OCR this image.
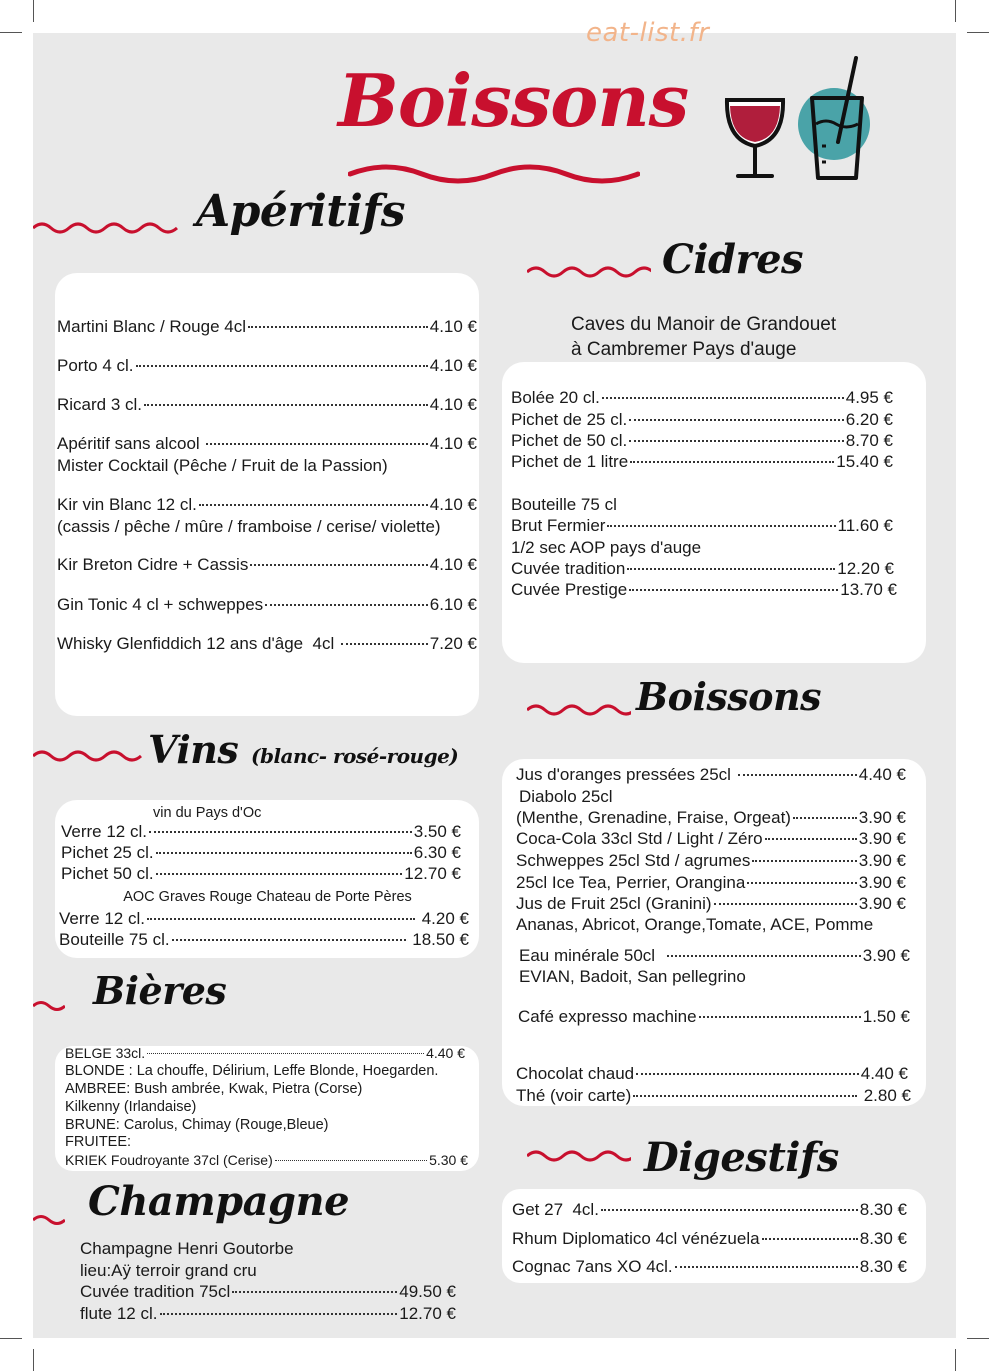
eat-list.fr
Boissons
Apéritifs
Martini Blanc / Rouge 4cl	4.10 €
Porto 4 cl.	4.10 €
Ricard 3 cl.	4.10 €
Apéritif sans alcool	4.10 €
Mister Cocktail (Pêche / Fruit de la Passion)
Kir vin Blanc 12 cl.	4.10 €
(cassis / pêche / mûre / framboise / cerise/ violette)
Kir Breton Cidre + Cassis	4.10 €
Gin Tonic 4 cl + schweppes	6.10 €
Whisky Glenfiddich 12 ans d'âge  4cl	7.20 €
Vins (blanc- rosé-rouge)
vin du Pays d'Oc
Verre 12 cl.	3.50 €
Pichet 25 cl.	6.30 €
Pichet 50 cl.	12.70 €
AOC Graves Rouge Chateau de Porte Pères
Verre 12 cl.	4.20 €
Bouteille 75 cl.	18.50 €
Bières
BELGE 33cl.	4.40 €
BLONDE : La chouffe, Délirium, Leffe Blonde, Hoegarden.
AMBREE: Bush ambrée, Kwak, Pietra (Corse)
Kilkenny (Irlandaise)
BRUNE: Carolus, Chimay (Rouge,Bleue)
FRUITEE:
KRIEK Foudroyante 37cl (Cerise)	5.30 €
Champagne
Champagne Henri Goutorbe
lieu:Aÿ terroir grand cru
Cuvée tradition 75cl	49.50 €
flute 12 cl.	12.70 €
Cidres
Caves du Manoir de Grandouet
à Cambremer Pays d'auge
Bolée 20 cl.	4.95 €
Pichet de 25 cl.	6.20 €
Pichet de 50 cl.	8.70 €
Pichet de 1 litre	15.40 €
Bouteille 75 cl
Brut Fermier	11.60 €
1/2 sec AOP pays d'auge
Cuvée tradition	12.20 €
Cuvée Prestige	13.70 €
Boissons
Jus d'oranges pressées 25cl	4.40 €
Diabolo 25cl
(Menthe, Grenadine, Fraise, Orgeat)	3.90 €
Coca-Cola 33cl Std / Light / Zéro	3.90 €
Schweppes 25cl Std / agrumes	3.90 €
25cl Ice Tea, Perrier, Orangina	3.90 €
Jus de Fruit 25cl (Granini)	3.90 €
Ananas, Abricot, Orange,Tomate, ACE, Pomme
Eau minérale 50cl	3.90 €
EVIAN, Badoit, San pellegrino
Café expresso machine	1.50 €
Chocolat chaud	4.40 €
Thé (voir carte)	2.80 €
Digestifs
Get 27  4cl.	8.30 €
Rhum Diplomatico 4cl vénézuela	8.30 €
Cognac 7ans XO 4cl.	8.30 €
